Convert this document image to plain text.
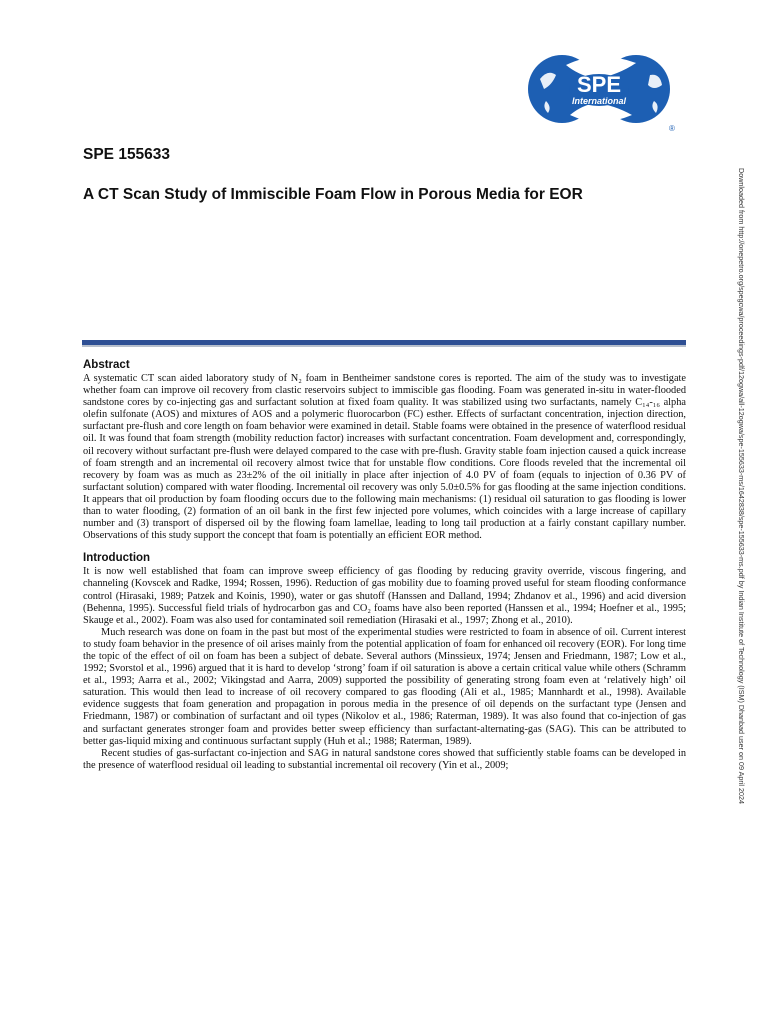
SPE
International
®
SPE 155633
A CT Scan Study of Immiscible Foam Flow in Porous Media for EOR	Downloaded from http://onepetro.org/spegcwa/proceedings-pdf/12ogwa/all-12ogwa/spe-155633-ms/1642838/spe-155633-ms.pdf by Indian Institute of Technology (ISM) Dhanbad user on 09 April 2024
Abstract

A systematic CT scan aided laboratory study of N₂ foam in Bentheimer sandstone cores is reported. The aim of the study was to investigate whether foam can improve oil recovery from clastic reservoirs subject to immiscible gas flooding. Foam was generated in-situ in water-flooded sandstone cores by co-injecting gas and surfactant solution at fixed foam quality. It was stabilized using two surfactants, namely C₁₄-₁₆ alpha olefin sulfonate (AOS) and mixtures of AOS and a polymeric fluorocarbon (FC) esther. Effects of surfactant concentration, injection direction, surfactant pre-flush and core length on foam behavior were examined in detail. Stable foams were obtained in the presence of waterflood residual oil. It was found that foam strength (mobility reduction factor) increases with surfactant concentration. Foam development and, correspondingly, oil recovery without surfactant pre-flush were delayed compared to the case with pre-flush. Gravity stable foam injection caused a quick increase of foam strength and an incremental oil recovery almost twice that for unstable flow conditions. Core floods reveled that the incremental oil recovery by foam was as much as 23±2% of the oil initially in place after injection of 4.0 PV of foam (equals to injection of 0.36 PV of surfactant solution) compared with water flooding. Incremental oil recovery was only 5.0±0.5% for gas flooding at the same injection conditions. It appears that oil production by foam flooding occurs due to the following main mechanisms: (1) residual oil saturation to gas flooding is lower than to water flooding, (2) formation of an oil bank in the first few injected pore volumes, which coincides with a large increase of capillary number and (3) transport of dispersed oil by the flowing foam lamellae, leading to long tail production at a fairly constant capillary number. Observations of this study support the concept that foam is potentially an efficient EOR method.

Introduction

It is now well established that foam can improve sweep efficiency of gas flooding by reducing gravity override, viscous fingering, and channeling (Kovscek and Radke, 1994; Rossen, 1996). Reduction of gas mobility due to foaming proved useful for steam flooding conformance control (Hirasaki, 1989; Patzek and Koinis, 1990), water or gas shutoff (Hanssen and Dalland, 1994; Zhdanov et al., 1996) and acid diversion (Behenna, 1995). Successful field trials of hydrocarbon gas and CO₂ foams have also been reported (Hanssen et al., 1994; Hoefner et al., 1995; Skauge et al., 2002). Foam was also used for contaminated soil remediation (Hirasaki et al., 1997; Zhong et al., 2010).

Much research was done on foam in the past but most of the experimental studies were restricted to foam in absence of oil. Current interest to study foam behavior in the presence of oil arises mainly from the potential application of foam for enhanced oil recovery (EOR). For long time the topic of the effect of oil on foam has been a subject of debate. Several authors (Minssieux, 1974; Jensen and Friedmann, 1987; Low et al., 1992; Svorstol et al., 1996) argued that it is hard to develop ‘strong’ foam if oil saturation is above a certain critical value while others (Schramm et al., 1993; Aarra et al., 2002; Vikingstad and Aarra, 2009) supported the possibility of generating strong foam even at ‘relatively high’ oil saturation. This would then lead to increase of oil recovery compared to gas flooding (Ali et al., 1985; Mannhardt et al., 1998). Available evidence suggests that foam generation and propagation in porous media in the presence of oil depends on the surfactant type (Jensen and Friedmann, 1987) or combination of surfactant and oil types (Nikolov et al., 1986; Raterman, 1989). It was also found that co-injection of gas and surfactant generates stronger foam and provides better sweep efficiency than surfactant-alternating-gas (SAG). This can be attributed to better gas-liquid mixing and continuous surfactant supply (Huh et al.; 1988; Raterman, 1989).

Recent studies of gas-surfactant co-injection and SAG in natural sandstone cores showed that sufficiently stable foams can be developed in the presence of waterflood residual oil leading to substantial incremental oil recovery (Yin et al., 2009;
